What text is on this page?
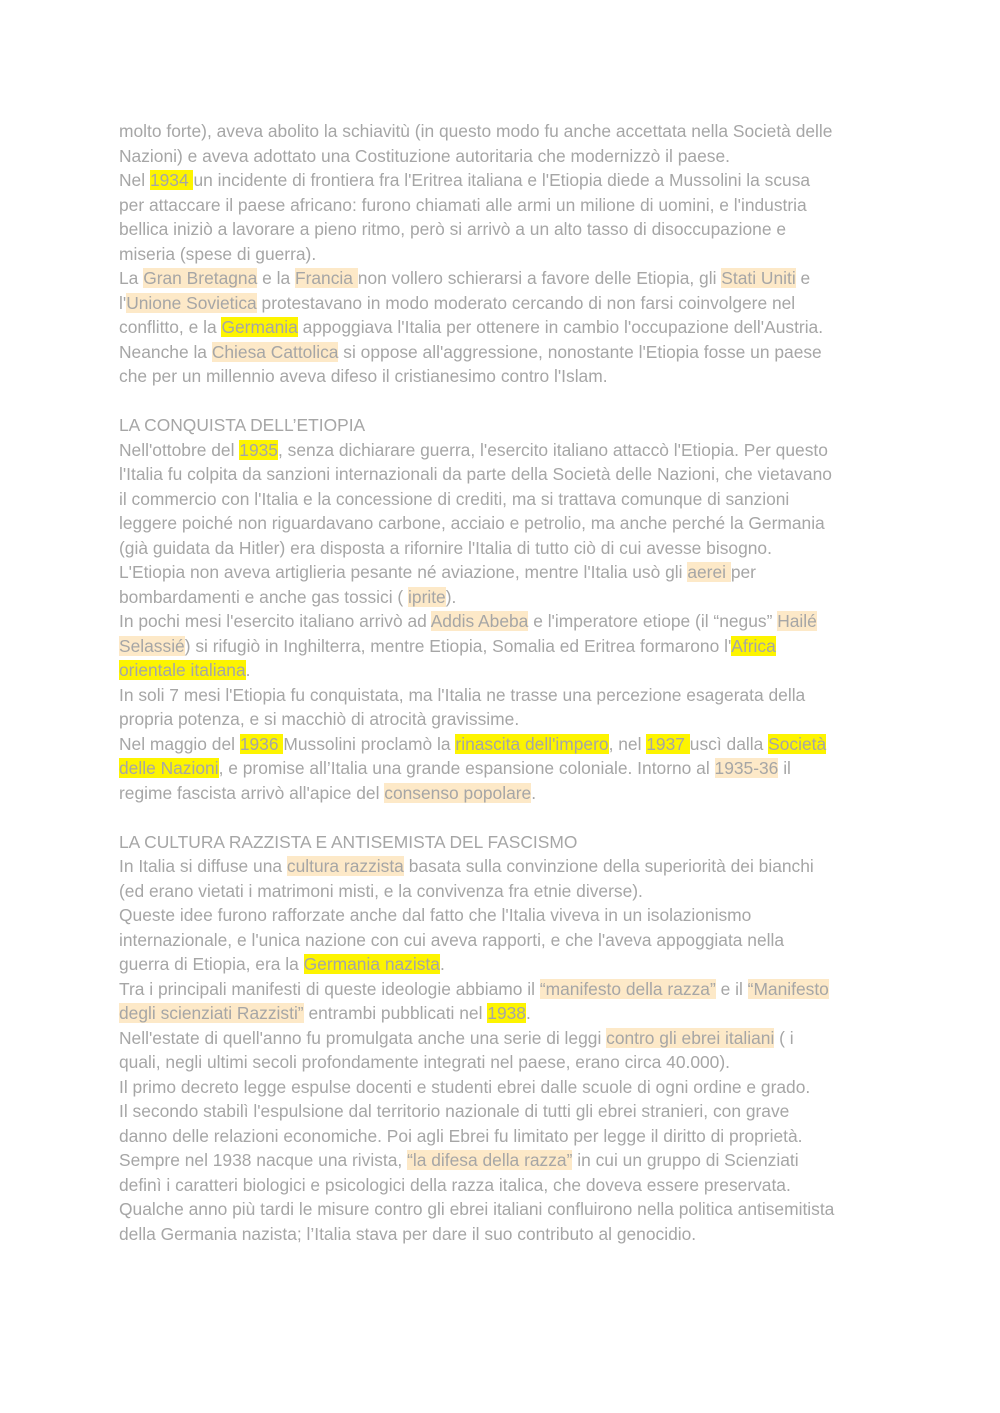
molto forte), aveva abolito la schiavitù (in questo modo fu anche accettata nella Società delle
Nazioni) e aveva adottato una Costituzione autoritaria che modernizzò il paese.
Nel 1934 un incidente di frontiera fra l'Eritrea italiana e l'Etiopia diede a Mussolini la scusa
per attaccare il paese africano: furono chiamati alle armi un milione di uomini, e l'industria
bellica iniziò a lavorare a pieno ritmo, però si arrivò a un alto tasso di disoccupazione e
miseria (spese di guerra).
La Gran Bretagna e la Francia non vollero schierarsi a favore delle Etiopia, gli Stati Uniti e
l'Unione Sovietica protestavano in modo moderato cercando di non farsi coinvolgere nel
conflitto, e la Germania appoggiava l'Italia per ottenere in cambio l'occupazione dell'Austria.
Neanche la Chiesa Cattolica si oppose all'aggressione, nonostante l'Etiopia fosse un paese
che per un millennio aveva difeso il cristianesimo contro l'Islam.
LA CONQUISTA DELL’ETIOPIA
Nell'ottobre del 1935, senza dichiarare guerra, l'esercito italiano attaccò l'Etiopia. Per questo
l'Italia fu colpita da sanzioni internazionali da parte della Società delle Nazioni, che vietavano
il commercio con l'Italia e la concessione di crediti, ma si trattava comunque di sanzioni
leggere poiché non riguardavano carbone, acciaio e petrolio, ma anche perché la Germania
(già guidata da Hitler) era disposta a rifornire l'Italia di tutto ciò di cui avesse bisogno.
L'Etiopia non aveva artiglieria pesante né aviazione, mentre l'Italia usò gli aerei per
bombardamenti e anche gas tossici ( iprite).
In pochi mesi l'esercito italiano arrivò ad Addis Abeba e l'imperatore etiope (il “negus” Hailé
Selassié) si rifugiò in Inghilterra, mentre Etiopia, Somalia ed Eritrea formarono l'Africa
orientale italiana.
In soli 7 mesi l'Etiopia fu conquistata, ma l'Italia ne trasse una percezione esagerata della
propria potenza, e si macchiò di atrocità gravissime.
Nel maggio del 1936 Mussolini proclamò la rinascita dell'impero, nel 1937 uscì dalla Società
delle Nazioni, e promise all’Italia una grande espansione coloniale. Intorno al 1935-36 il
regime fascista arrivò all'apice del consenso popolare.
LA CULTURA RAZZISTA E ANTISEMISTA DEL FASCISMO
In Italia si diffuse una cultura razzista basata sulla convinzione della superiorità dei bianchi
(ed erano vietati i matrimoni misti, e la convivenza fra etnie diverse).
Queste idee furono rafforzate anche dal fatto che l'Italia viveva in un isolazionismo
internazionale, e l'unica nazione con cui aveva rapporti, e che l'aveva appoggiata nella
guerra di Etiopia, era la Germania nazista.
Tra i principali manifesti di queste ideologie abbiamo il “manifesto della razza” e il “Manifesto
degli scienziati Razzisti” entrambi pubblicati nel 1938.
Nell'estate di quell'anno fu promulgata anche una serie di leggi contro gli ebrei italiani ( i
quali, negli ultimi secoli profondamente integrati nel paese, erano circa 40.000).
Il primo decreto legge espulse docenti e studenti ebrei dalle scuole di ogni ordine e grado.
Il secondo stabilì l'espulsione dal territorio nazionale di tutti gli ebrei stranieri, con grave
danno delle relazioni economiche. Poi agli Ebrei fu limitato per legge il diritto di proprietà.
Sempre nel 1938 nacque una rivista, “la difesa della razza” in cui un gruppo di Scienziati
definì i caratteri biologici e psicologici della razza italica, che doveva essere preservata.
Qualche anno più tardi le misure contro gli ebrei italiani confluirono nella politica antisemitista
della Germania nazista; l’Italia stava per dare il suo contributo al genocidio.
